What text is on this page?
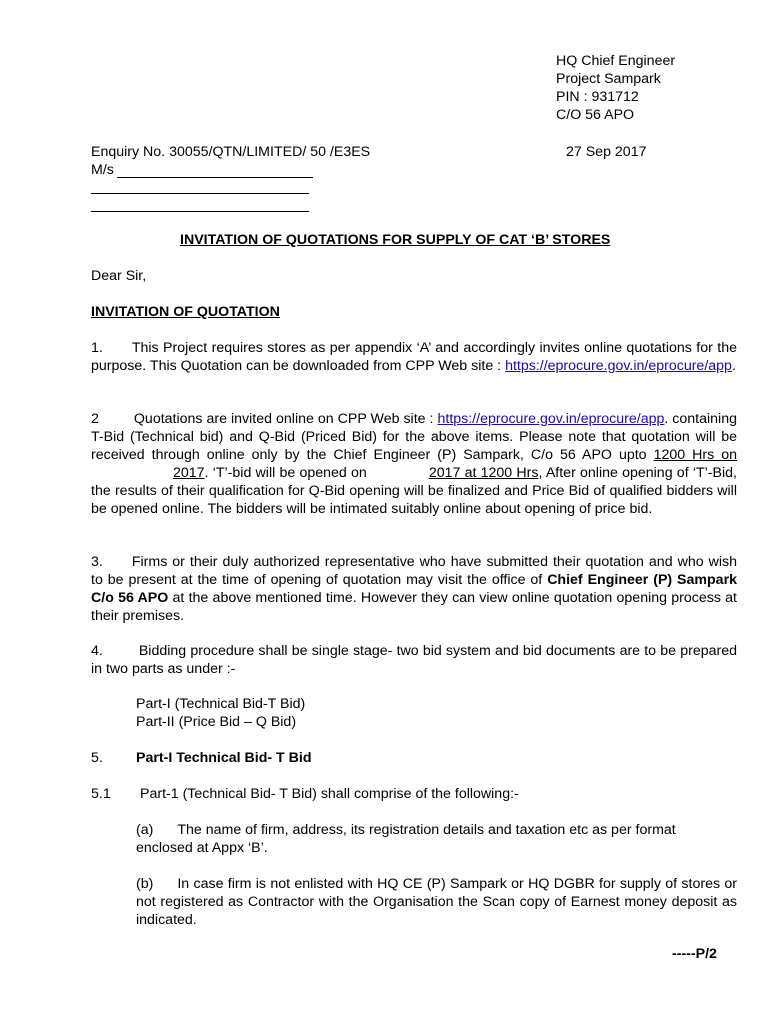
HQ Chief Engineer
Project Sampark
PIN : 931712
C/O 56 APO
Enquiry No. 30055/QTN/LIMITED/ 50 /E3ES	27 Sep 2017
M/s
INVITATION OF QUOTATIONS FOR SUPPLY OF CAT ‘B’ STORES
Dear Sir,
INVITATION OF QUOTATION
1. This Project requires stores as per appendix ‘A’ and accordingly invites online quotations for the purpose. This Quotation can be downloaded from CPP Web site : https://eprocure.gov.in/eprocure/app.
2 Quotations are invited online on CPP Web site : https://eprocure.gov.in/eprocure/app. containing T-Bid (Technical bid) and Q-Bid (Priced Bid) for the above items. Please note that quotation will be received through online only by the Chief Engineer (P) Sampark, C/o 56 APO upto 1200 Hrs on2017. ‘T’-bid will be opened on	2017 at 1200 Hrs, After online opening of ‘T’-Bid, the results of their qualification for Q-Bid opening will be finalized and Price Bid of qualified bidders will be opened online. The bidders will be intimated suitably online about opening of price bid.
3. Firms or their duly authorized representative who have submitted their quotation and who wish to be present at the time of opening of quotation may visit the office of Chief Engineer (P) Sampark C/o 56 APO at the above mentioned time. However they can view online quotation opening process at their premises.
4.	Bidding procedure shall be single stage- two bid system and bid documents are to be prepared in two parts as under :-
Part-I (Technical Bid-T Bid)
Part-II (Price Bid – Q Bid)
5. Part-I Technical Bid- T Bid
5.1 Part-1 (Technical Bid- T Bid) shall comprise of the following:-
(a) The name of firm, address, its registration details and taxation etc as per format enclosed at Appx ‘B’.
(b) In case firm is not enlisted with HQ CE (P) Sampark or HQ DGBR for supply of stores or not registered as Contractor with the Organisation the Scan copy of Earnest money deposit as indicated.
-----P/2
